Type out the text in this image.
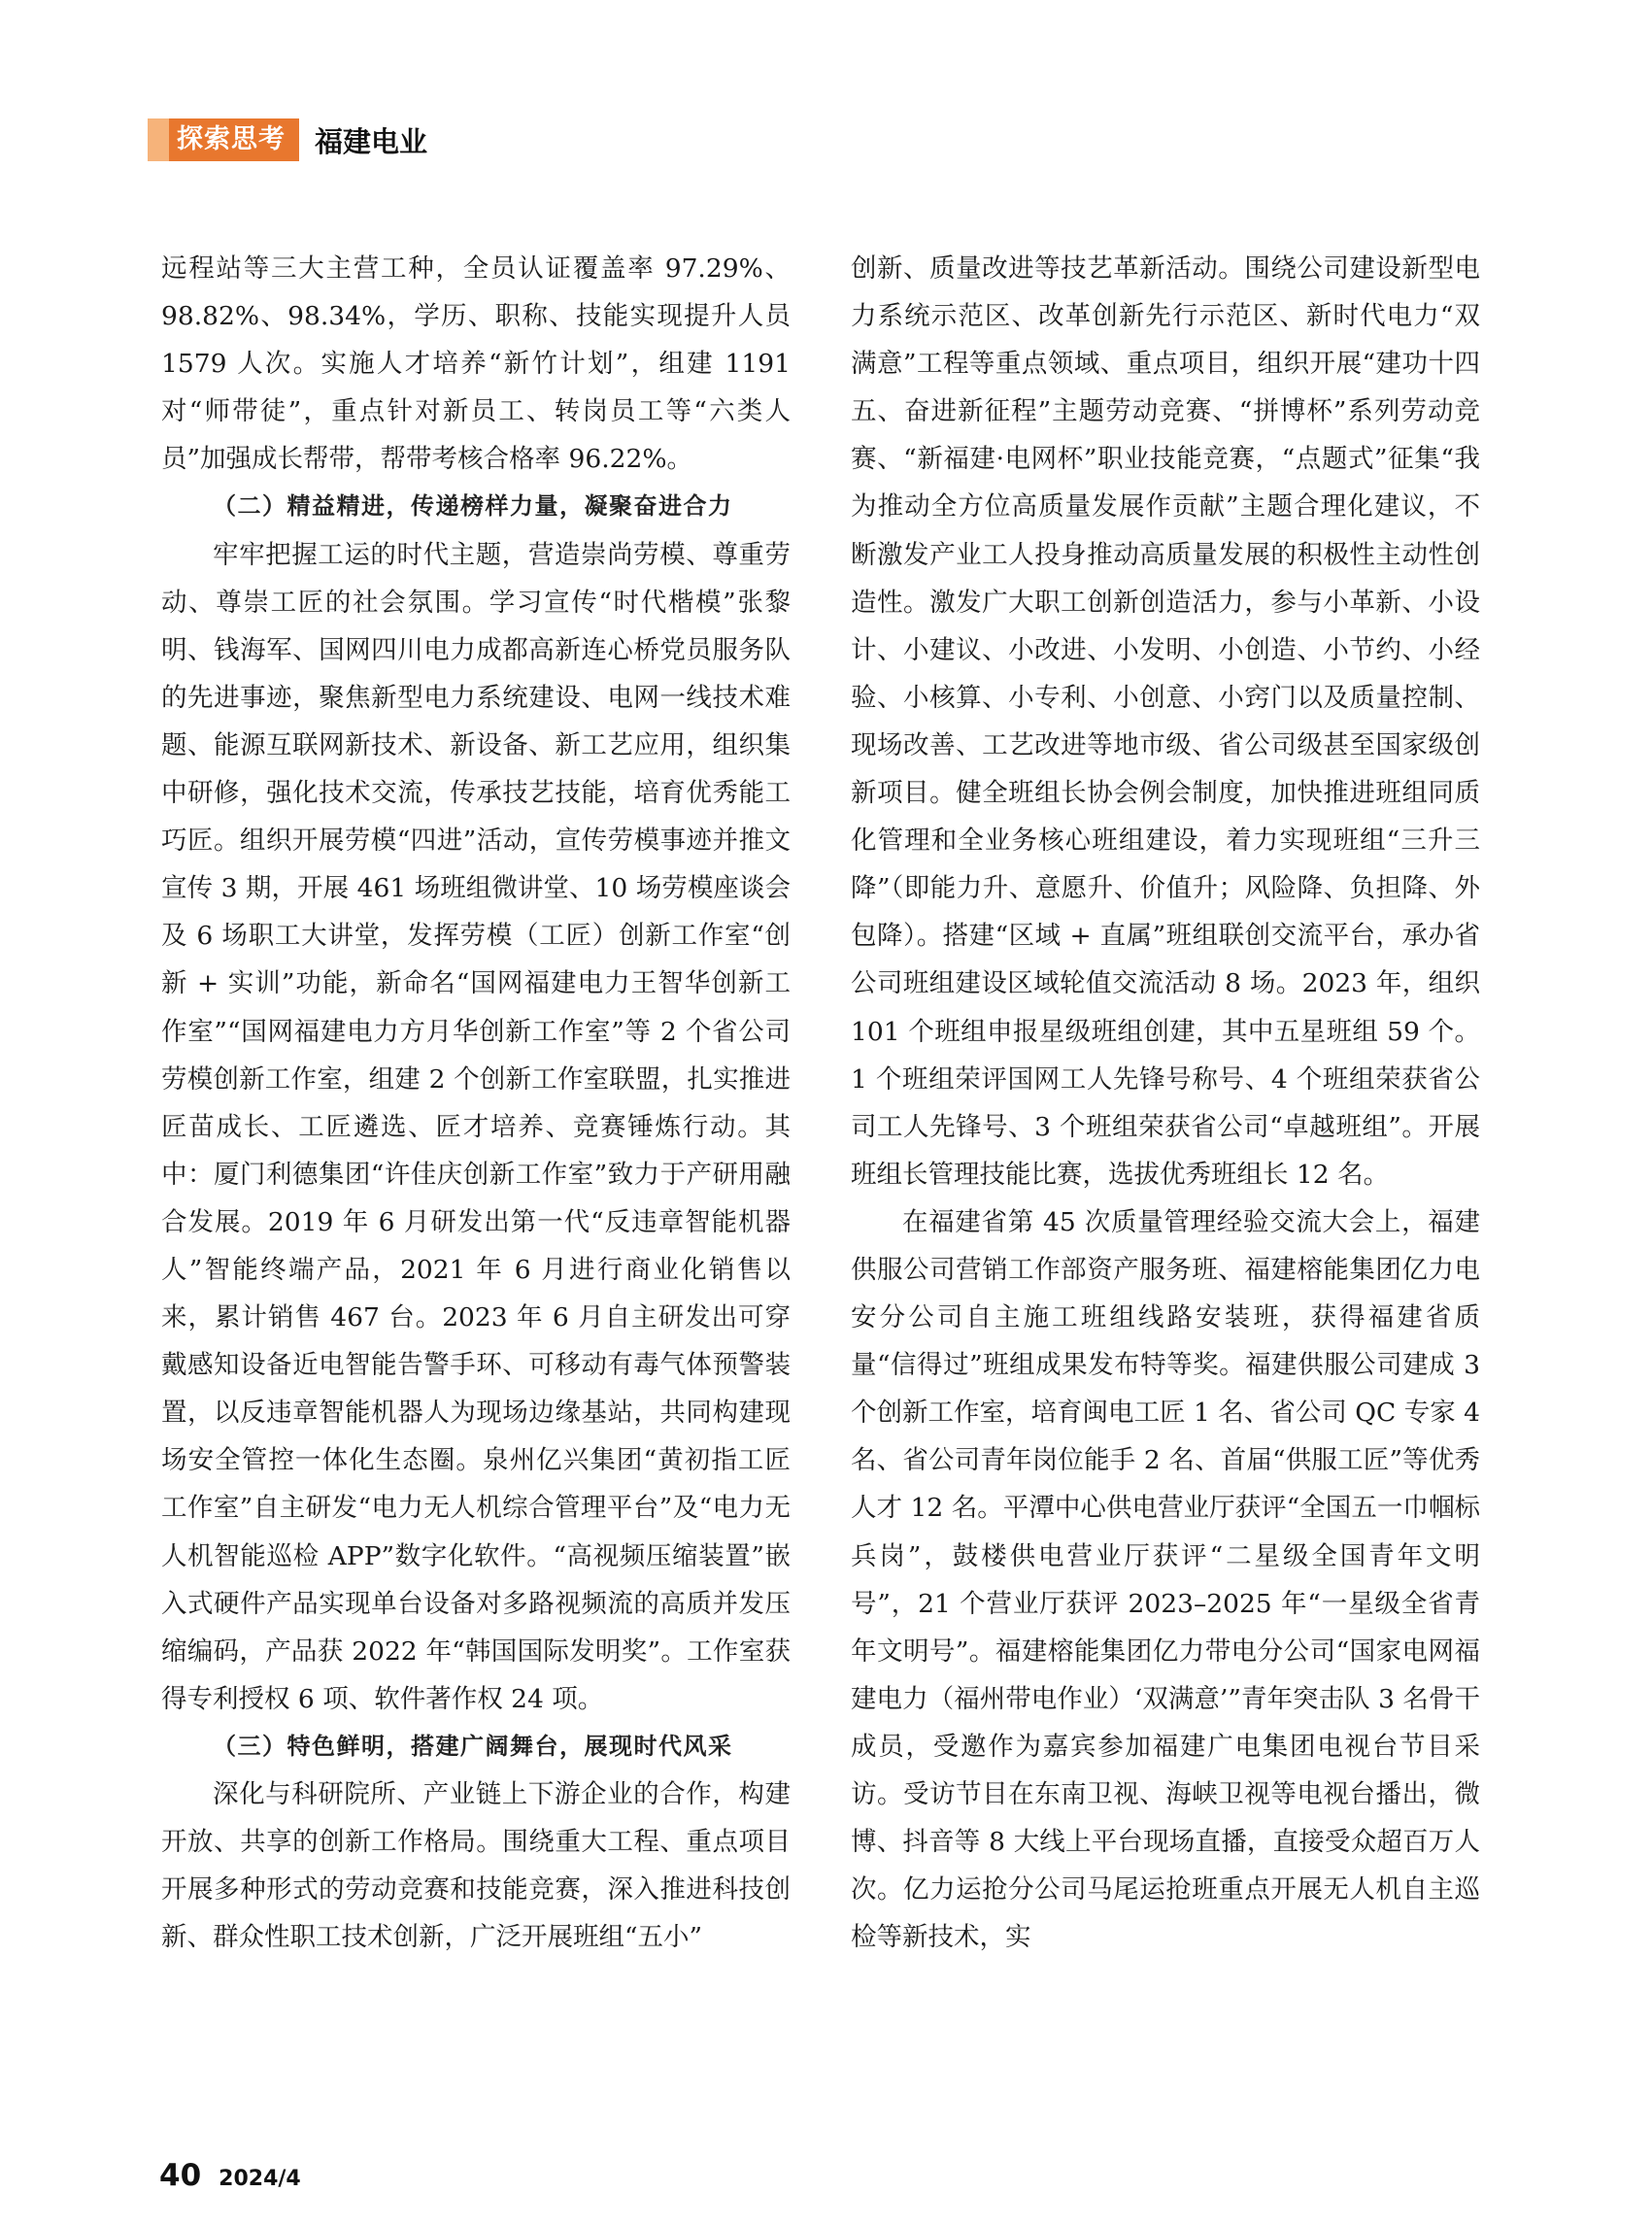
探索思考	福建电业

远程站等三大主营工种，全员认证覆盖率 97.29%、98.82%、98.34%，学历、职称、技能实现提升人员 1579 人次。实施人才培养“新竹计划”，组建 1191 对“师带徒”，重点针对新员工、转岗员工等“六类人员”加强成长帮带，帮带考核合格率 96.22%。

（二）精益精进，传递榜样力量，凝聚奋进合力

牢牢把握工运的时代主题，营造崇尚劳模、尊重劳动、尊崇工匠的社会氛围。学习宣传“时代楷模”张黎明、钱海军、国网四川电力成都高新连心桥党员服务队的先进事迹，聚焦新型电力系统建设、电网一线技术难题、能源互联网新技术、新设备、新工艺应用，组织集中研修，强化技术交流，传承技艺技能，培育优秀能工巧匠。组织开展劳模“四进”活动，宣传劳模事迹并推文宣传 3 期，开展 461 场班组微讲堂、10 场劳模座谈会及 6 场职工大讲堂，发挥劳模（工匠）创新工作室“创新 + 实训”功能，新命名“国网福建电力王智华创新工作室”“国网福建电力方月华创新工作室”等 2 个省公司劳模创新工作室，组建 2 个创新工作室联盟，扎实推进匠苗成长、工匠遴选、匠才培养、竞赛锤炼行动。其中：厦门利德集团“许佳庆创新工作室”致力于产研用融合发展。2019 年 6 月研发出第一代“反违章智能机器人”智能终端产品，2021 年 6 月进行商业化销售以来，累计销售 467 台。2023 年 6 月自主研发出可穿戴感知设备近电智能告警手环、可移动有毒气体预警装置，以反违章智能机器人为现场边缘基站，共同构建现场安全管控一体化生态圈。泉州亿兴集团“黄初指工匠工作室”自主研发“电力无人机综合管理平台”及“电力无人机智能巡检 APP”数字化软件。“高视频压缩装置”嵌入式硬件产品实现单台设备对多路视频流的高质并发压缩编码，产品获 2022 年“韩国国际发明奖”。工作室获得专利授权 6 项、软件著作权 24 项。

（三）特色鲜明，搭建广阔舞台，展现时代风采

深化与科研院所、产业链上下游企业的合作，构建开放、共享的创新工作格局。围绕重大工程、重点项目开展多种形式的劳动竞赛和技能竞赛，深入推进科技创新、群众性职工技术创新，广泛开展班组“五小”

创新、质量改进等技艺革新活动。围绕公司建设新型电力系统示范区、改革创新先行示范区、新时代电力“双满意”工程等重点领域、重点项目，组织开展“建功十四五、奋进新征程”主题劳动竞赛、“拼博杯”系列劳动竞赛、“新福建·电网杯”职业技能竞赛，“点题式”征集“我为推动全方位高质量发展作贡献”主题合理化建议，不断激发产业工人投身推动高质量发展的积极性主动性创造性。激发广大职工创新创造活力，参与小革新、小设计、小建议、小改进、小发明、小创造、小节约、小经验、小核算、小专利、小创意、小窍门以及质量控制、现场改善、工艺改进等地市级、省公司级甚至国家级创新项目。健全班组长协会例会制度，加快推进班组同质化管理和全业务核心班组建设，着力实现班组“三升三降”（即能力升、意愿升、价值升；风险降、负担降、外包降）。搭建“区域 + 直属”班组联创交流平台，承办省公司班组建设区域轮值交流活动 8 场。2023 年，组织 101 个班组申报星级班组创建，其中五星班组 59 个。1 个班组荣评国网工人先锋号称号、4 个班组荣获省公司工人先锋号、3 个班组荣获省公司“卓越班组”。开展班组长管理技能比赛，选拔优秀班组长 12 名。

在福建省第 45 次质量管理经验交流大会上，福建供服公司营销工作部资产服务班、福建榕能集团亿力电安分公司自主施工班组线路安装班，获得福建省质量“信得过”班组成果发布特等奖。福建供服公司建成 3 个创新工作室，培育闽电工匠 1 名、省公司 QC 专家 4 名、省公司青年岗位能手 2 名、首届“供服工匠”等优秀人才 12 名。平潭中心供电营业厅获评“全国五一巾帼标兵岗”，鼓楼供电营业厅获评“二星级全国青年文明号”，21 个营业厅获评 2023–2025 年“一星级全省青年文明号”。福建榕能集团亿力带电分公司“国家电网福建电力（福州带电作业）‘双满意’”青年突击队 3 名骨干成员，受邀作为嘉宾参加福建广电集团电视台节目采访。受访节目在东南卫视、海峡卫视等电视台播出，微博、抖音等 8 大线上平台现场直播，直接受众超百万人次。亿力运抢分公司马尾运抢班重点开展无人机自主巡检等新技术，实

40 2024/4
